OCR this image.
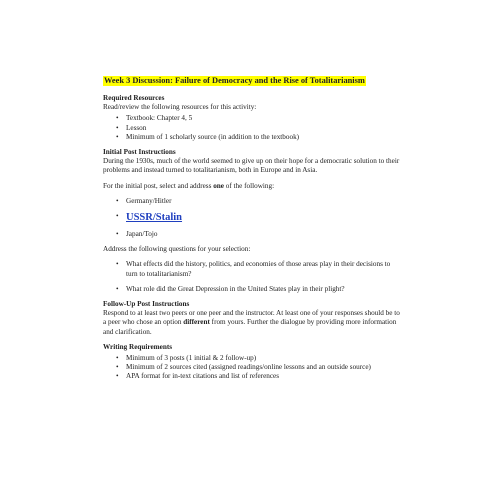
Week 3 Discussion: Failure of Democracy and the Rise of Totalitarianism
Required Resources

Read/review the following resources for this activity:

• Textbook: Chapter 4, 5
• Lesson
• Minimum of 1 scholarly source (in addition to the textbook)
Initial Post Instructions

During the 1930s, much of the world seemed to give up on their hope for a democratic solution to their problems and instead turned to totalitarianism, both in Europe and in Asia.

For the initial post, select and address one of the following:

• Germany/Hitler
• USSR/Stalin
• Japan/Tojo

Address the following questions for your selection:

• What effects did the history, politics, and economies of those areas play in their decisions to turn to totalitarianism?
• What role did the Great Depression in the United States play in their plight?
Follow-Up Post Instructions

Respond to at least two peers or one peer and the instructor. At least one of your responses should be to a peer who chose an option different from yours. Further the dialogue by providing more information and clarification.

Writing Requirements
• Minimum of 3 posts (1 initial & 2 follow-up)
• Minimum of 2 sources cited (assigned readings/online lessons and an outside source)
• APA format for in-text citations and list of references
